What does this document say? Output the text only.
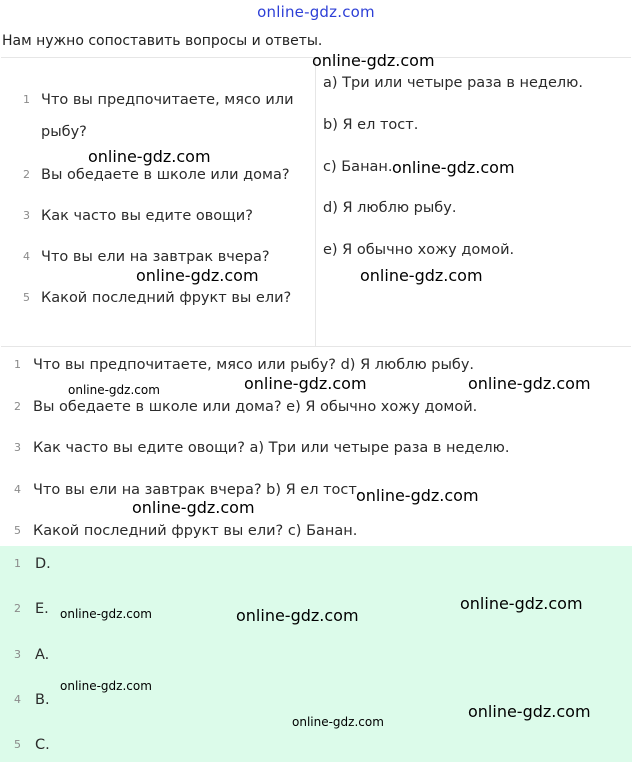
online-gdz.com
Нам нужно сопоставить вопросы и ответы.
1 Что вы предпочитаете, мясо или рыбу?
2 Вы обедаете в школе или дома?
3 Как часто вы едите овощи?
4 Что вы ели на завтрак вчера?
5 Какой последний фрукт вы ели?
a) Три или четыре раза в неделю.
b) Я ел тост.
c) Банан.
d) Я люблю рыбу.
e) Я обычно хожу домой.
1 Что вы предпочитаете, мясо или рыбу? d) Я люблю рыбу.
2 Вы обедаете в школе или дома? e) Я обычно хожу домой.
3 Как часто вы едите овощи? a) Три или четыре раза в неделю.
4 Что вы ели на завтрак вчера? b) Я ел тост.
5 Какой последний фрукт вы ели? c) Банан.
1 D.
2 E.
3 A.
4 B.
5 C.
online-gdz.com
online-gdz.com
online-gdz.com
online-gdz.com	online-gdz.com
online-gdz.com	online-gdz.com	online-gdz.com
online-gdz.com
online-gdz.com
online-gdz.com	online-gdz.com
online-gdz.com
online-gdz.com
online-gdz.com
online-gdz.com
